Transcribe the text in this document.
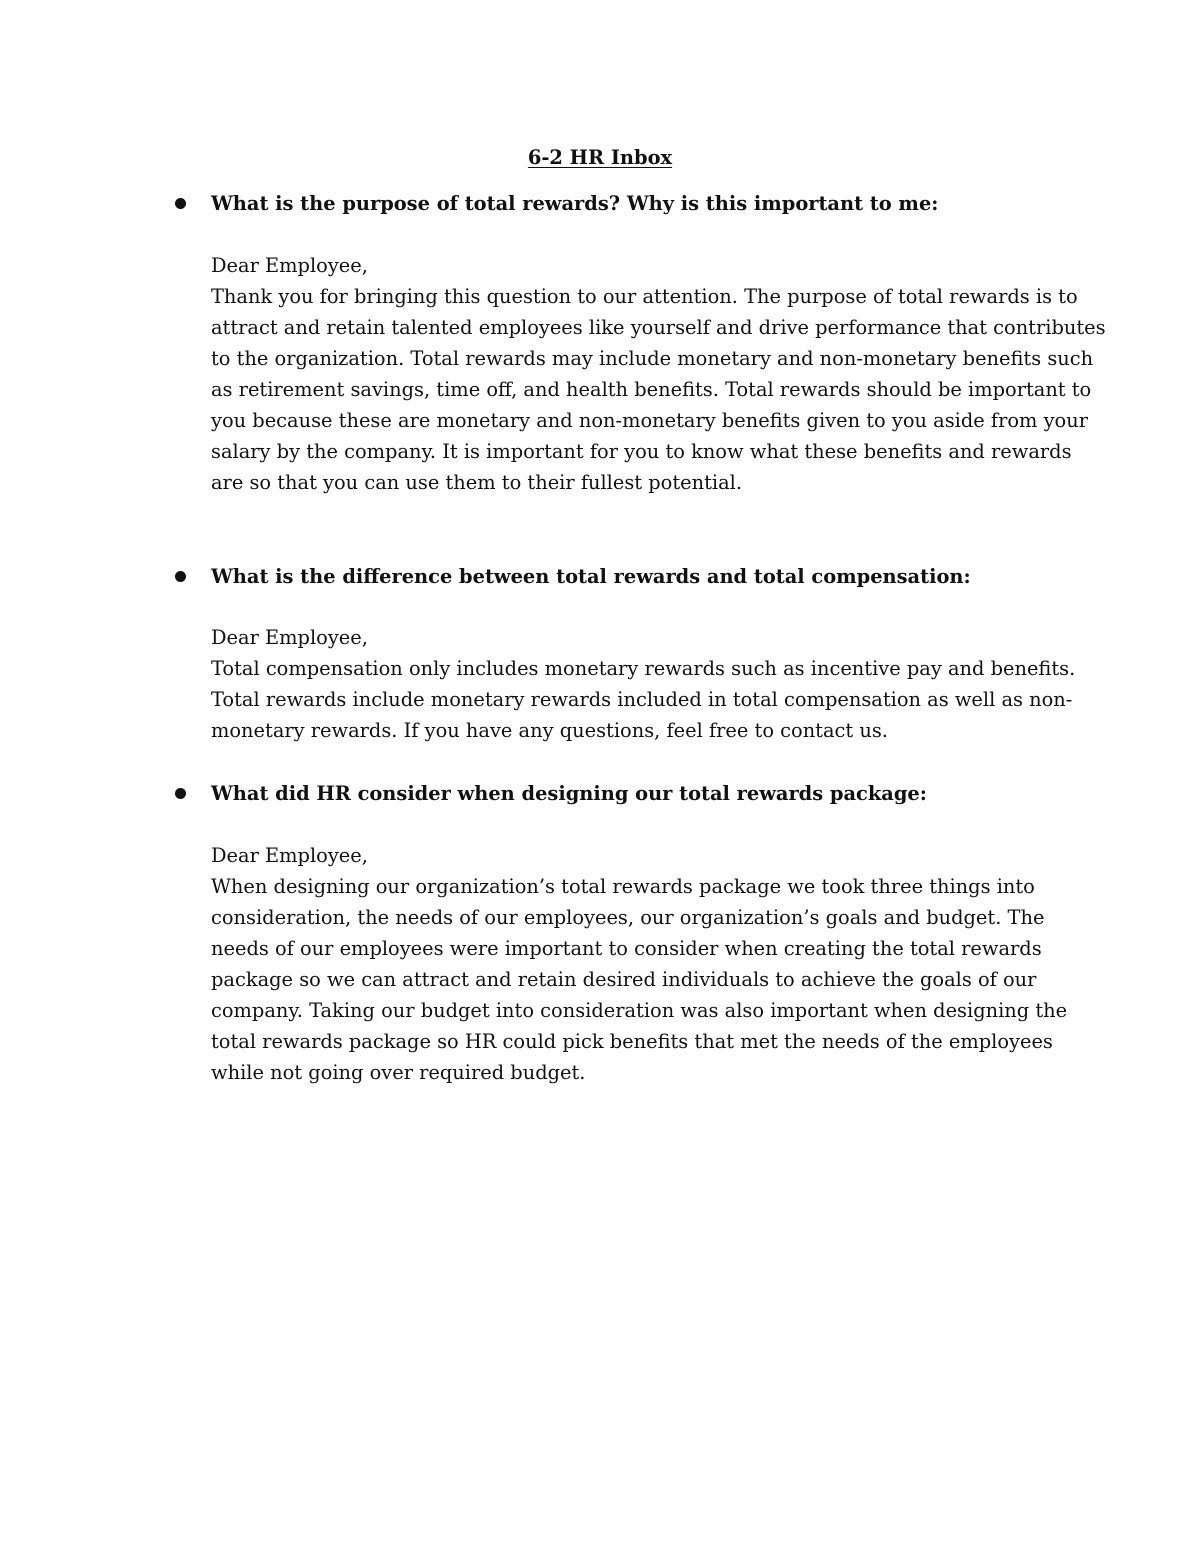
6-2 HR Inbox
What is the purpose of total rewards? Why is this important to me:
Dear Employee,
Thank you for bringing this question to our attention. The purpose of total rewards is to
attract and retain talented employees like yourself and drive performance that contributes
to the organization. Total rewards may include monetary and non-monetary benefits such
as retirement savings, time off, and health benefits. Total rewards should be important to
you because these are monetary and non-monetary benefits given to you aside from your
salary by the company. It is important for you to know what these benefits and rewards
are so that you can use them to their fullest potential.
What is the difference between total rewards and total compensation:
Dear Employee,
Total compensation only includes monetary rewards such as incentive pay and benefits.
Total rewards include monetary rewards included in total compensation as well as non-
monetary rewards. If you have any questions, feel free to contact us.
What did HR consider when designing our total rewards package:
Dear Employee,
When designing our organization’s total rewards package we took three things into
consideration, the needs of our employees, our organization’s goals and budget. The
needs of our employees were important to consider when creating the total rewards
package so we can attract and retain desired individuals to achieve the goals of our
company. Taking our budget into consideration was also important when designing the
total rewards package so HR could pick benefits that met the needs of the employees
while not going over required budget.
